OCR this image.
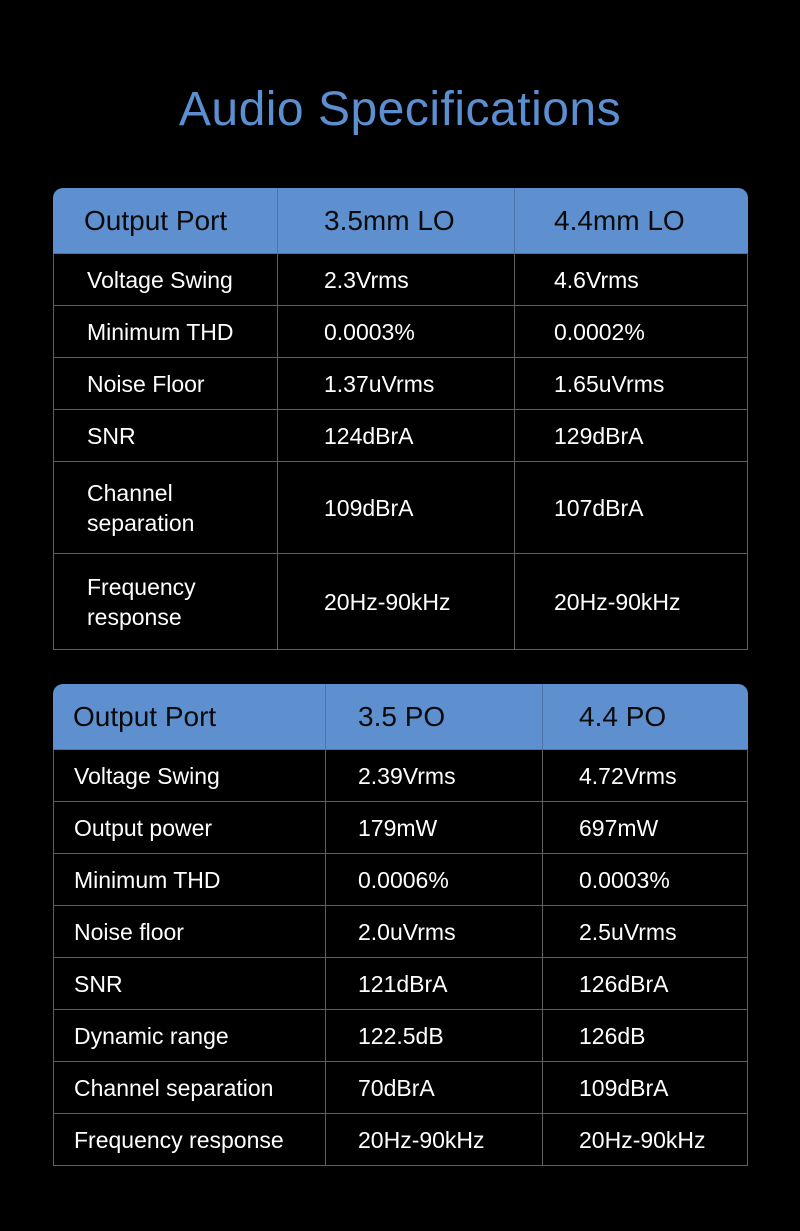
Audio Specifications
Output Port	3.5mm LO	4.4mm LO
Voltage Swing	2.3Vrms	4.6Vrms
Minimum THD	0.0003%	0.0002%
Noise Floor	1.37uVrms	1.65uVrms
SNR	124dBrA	129dBrA

Channel
separation	109dBrA	107dBrA

Frequency
response	20Hz-90kHz	20Hz-90kHz
Output Port	3.5 PO	4.4 PO
Voltage Swing	2.39Vrms	4.72Vrms
Output power	179mW	697mW
Minimum THD	0.0006%	0.0003%
Noise floor	2.0uVrms	2.5uVrms
SNR	121dBrA	126dBrA
Dynamic range	122.5dB	126dB
Channel separation	70dBrA	109dBrA
Frequency response	20Hz-90kHz	20Hz-90kHz
